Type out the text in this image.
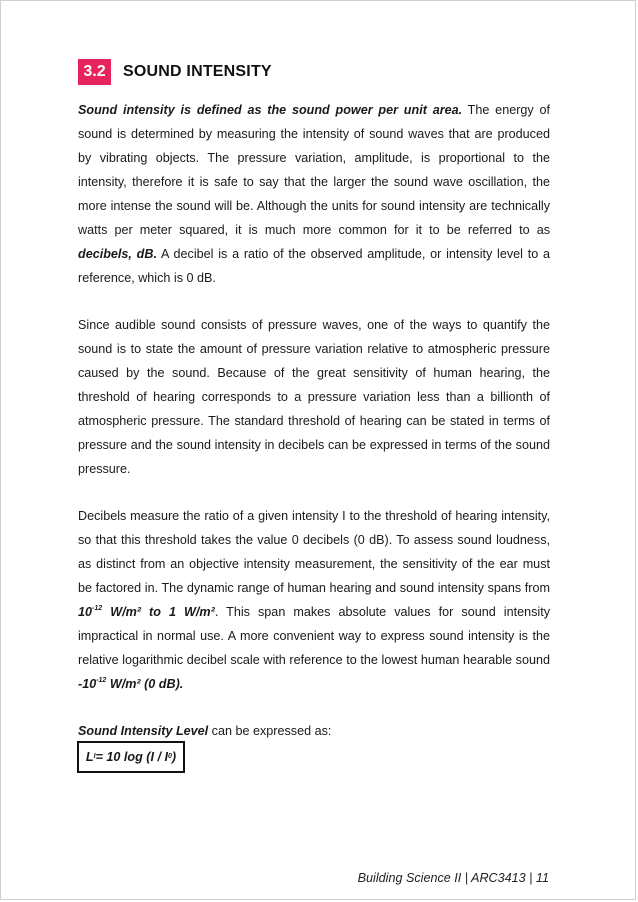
3.2	SOUND INTENSITY

Sound intensity is defined as the sound power per unit area. The energy of sound is determined by measuring the intensity of sound waves that are produced by vibrating objects. The pressure variation, amplitude, is proportional to the intensity, therefore it is safe to say that the larger the sound wave oscillation, the more intense the sound will be. Although the units for sound intensity are technically watts per meter squared, it is much more common for it to be referred to as decibels, dB. A decibel is a ratio of the observed amplitude, or intensity level to a reference, which is 0 dB.

Since audible sound consists of pressure waves, one of the ways to quantify the sound is to state the amount of pressure variation relative to atmospheric pressure caused by the sound. Because of the great sensitivity of human hearing, the threshold of hearing corresponds to a pressure variation less than a billionth of atmospheric pressure. The standard threshold of hearing can be stated in terms of pressure and the sound intensity in decibels can be expressed in terms of the sound pressure.

Decibels measure the ratio of a given intensity I to the threshold of hearing intensity, so that this threshold takes the value 0 decibels (0 dB). To assess sound loudness, as distinct from an objective intensity measurement, the sensitivity of the ear must be factored in. The dynamic range of human hearing and sound intensity spans from $10^{-12}$ W/m² to 1 W/m². This span makes absolute values for sound intensity impractical in normal use. A more convenient way to express sound intensity is the relative logarithmic decibel scale with reference to the lowest human hearable sound $-10^{-12}$ W/m² (0 dB).

Sound Intensity Level can be expressed as:

L I = 10 log (I / I 0 )
Building Science II | ARC3413 | 11
